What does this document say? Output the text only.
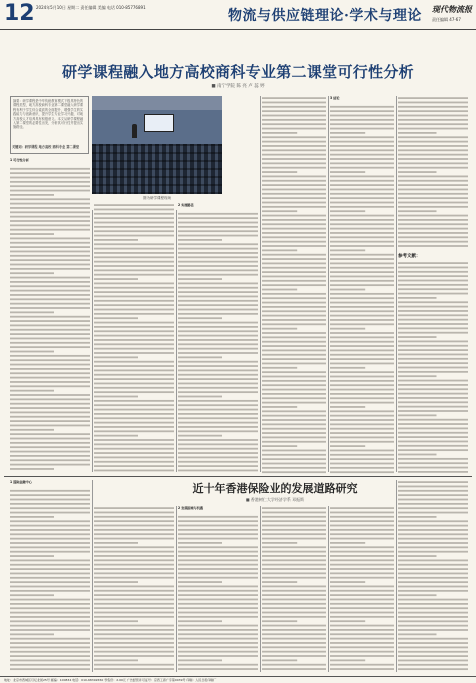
12 2024年5月10日 星期二 责任编辑 美编 电话 010-85776891
物流与供应链理论·学术与理论 现代物流报
责任编辑 47-67
研学课程融入地方高校商科专业第二课堂可行性分析
■ 南宁学院 陈 亮 卢 蕊 婷
摘要：研学课程是中华传统教育模式下极具特色的课程类型，地方高校商科专业第二课堂融入研学课程有利于学生综合素质的全面提升，增强学生的实践能力与创新意识，提升学生专业学习兴趣，对地方高校人才培养具有积极意义。本文从研学课程融入第二课堂的必要性出发，分析其可行性并提出实施路径。
关键词：研学课程 地方高校 商科专业 第二课堂
图为研学课程现场
1 可行性分析
2 实施路径
3 结论
参考文献：
近十年香港保险业的发展道路研究
■ 香港树仁大学经济学系 邓振斯
1 国际金融中心
2 发展困境与机遇
地址：北京市西城区月坛北街25号 邮编：100834 电话：010-68392650 零售价：2.00元 广告经营许可证号：京西工商广字第0039号 印刷：人民日报印刷厂
